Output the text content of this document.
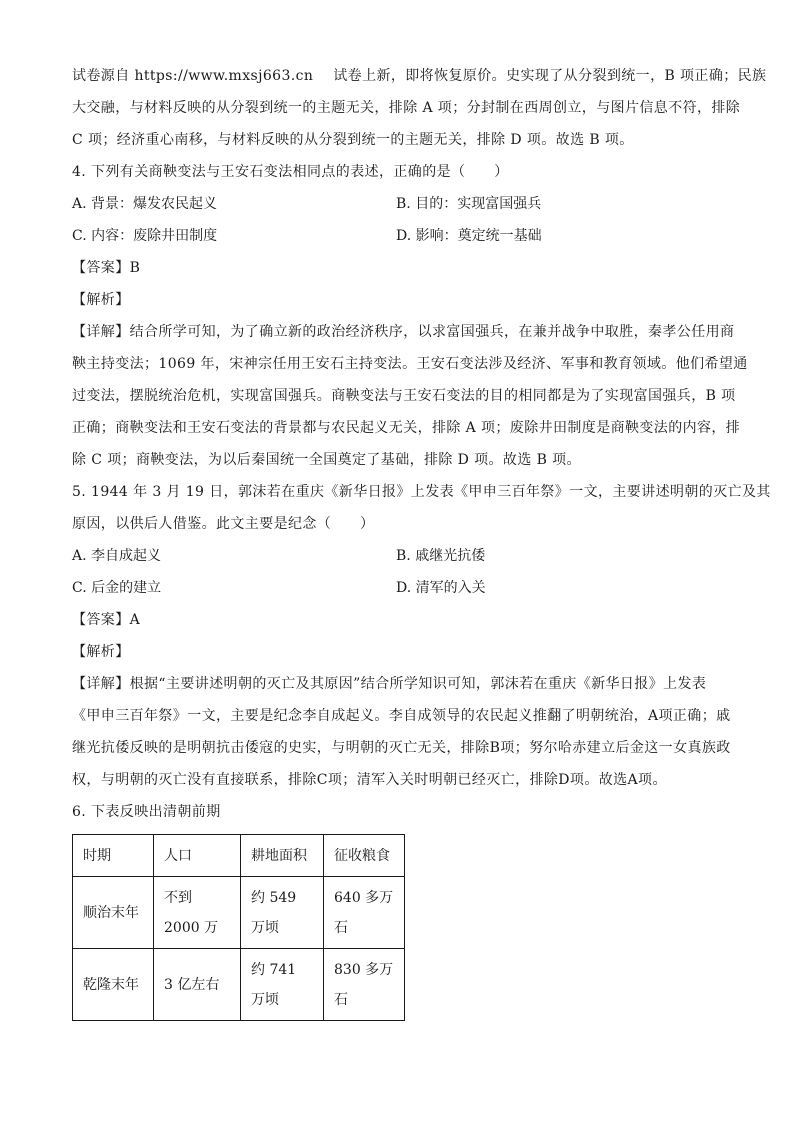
试卷源自 https://www.mxsj663.cn 试卷上新，即将恢复原价。史实现了从分裂到统一，B 项正确；民族

大交融，与材料反映的从分裂到统一的主题无关，排除 A 项；分封制在西周创立，与图片信息不符，排除

C 项；经济重心南移，与材料反映的从分裂到统一的主题无关，排除 D 项。故选 B 项。

4. 下列有关商鞅变法与王安石变法相同点的表述，正确的是（　　）

A. 背景：爆发农民起义	B. 目的：实现富国强兵
C. 内容：废除井田制度	D. 影响：奠定统一基础

【答案】B

【解析】

【详解】结合所学可知，为了确立新的政治经济秩序，以求富国强兵，在兼并战争中取胜，秦孝公任用商

鞅主持变法；1069 年，宋神宗任用王安石主持变法。王安石变法涉及经济、军事和教育领域。他们希望通

过变法，摆脱统治危机，实现富国强兵。商鞅变法与王安石变法的目的相同都是为了实现富国强兵，B 项

正确；商鞅变法和王安石变法的背景都与农民起义无关，排除 A 项；废除井田制度是商鞅变法的内容，排

除 C 项；商鞅变法，为以后秦国统一全国奠定了基础，排除 D 项。故选 B 项。

5. 1944 年 3 月 19 日，郭沫若在重庆《新华日报》上发表《甲申三百年祭》一文，主要讲述明朝的灭亡及其

原因，以供后人借鉴。此文主要是纪念（　　）

A. 李自成起义	B. 戚继光抗倭
C. 后金的建立	D. 清军的入关

【答案】A

【解析】

【详解】根据“主要讲述明朝的灭亡及其原因”结合所学知识可知，郭沫若在重庆《新华日报》上发表

《甲申三百年祭》一文，主要是纪念李自成起义。李自成领导的农民起义推翻了明朝统治，A项正确；戚

继光抗倭反映的是明朝抗击倭寇的史实，与明朝的灭亡无关，排除B项；努尔哈赤建立后金这一女真族政

权，与明朝的灭亡没有直接联系，排除C项；清军入关时明朝已经灭亡，排除D项。故选A项。

6. 下表反映出清朝前期

时期	人口	耕地面积	征收粮食
顺治末年	不到 2000 万	约 549 万顷	640 多万石
乾隆末年	3 亿左右	约 741 万顷	830 多万石
